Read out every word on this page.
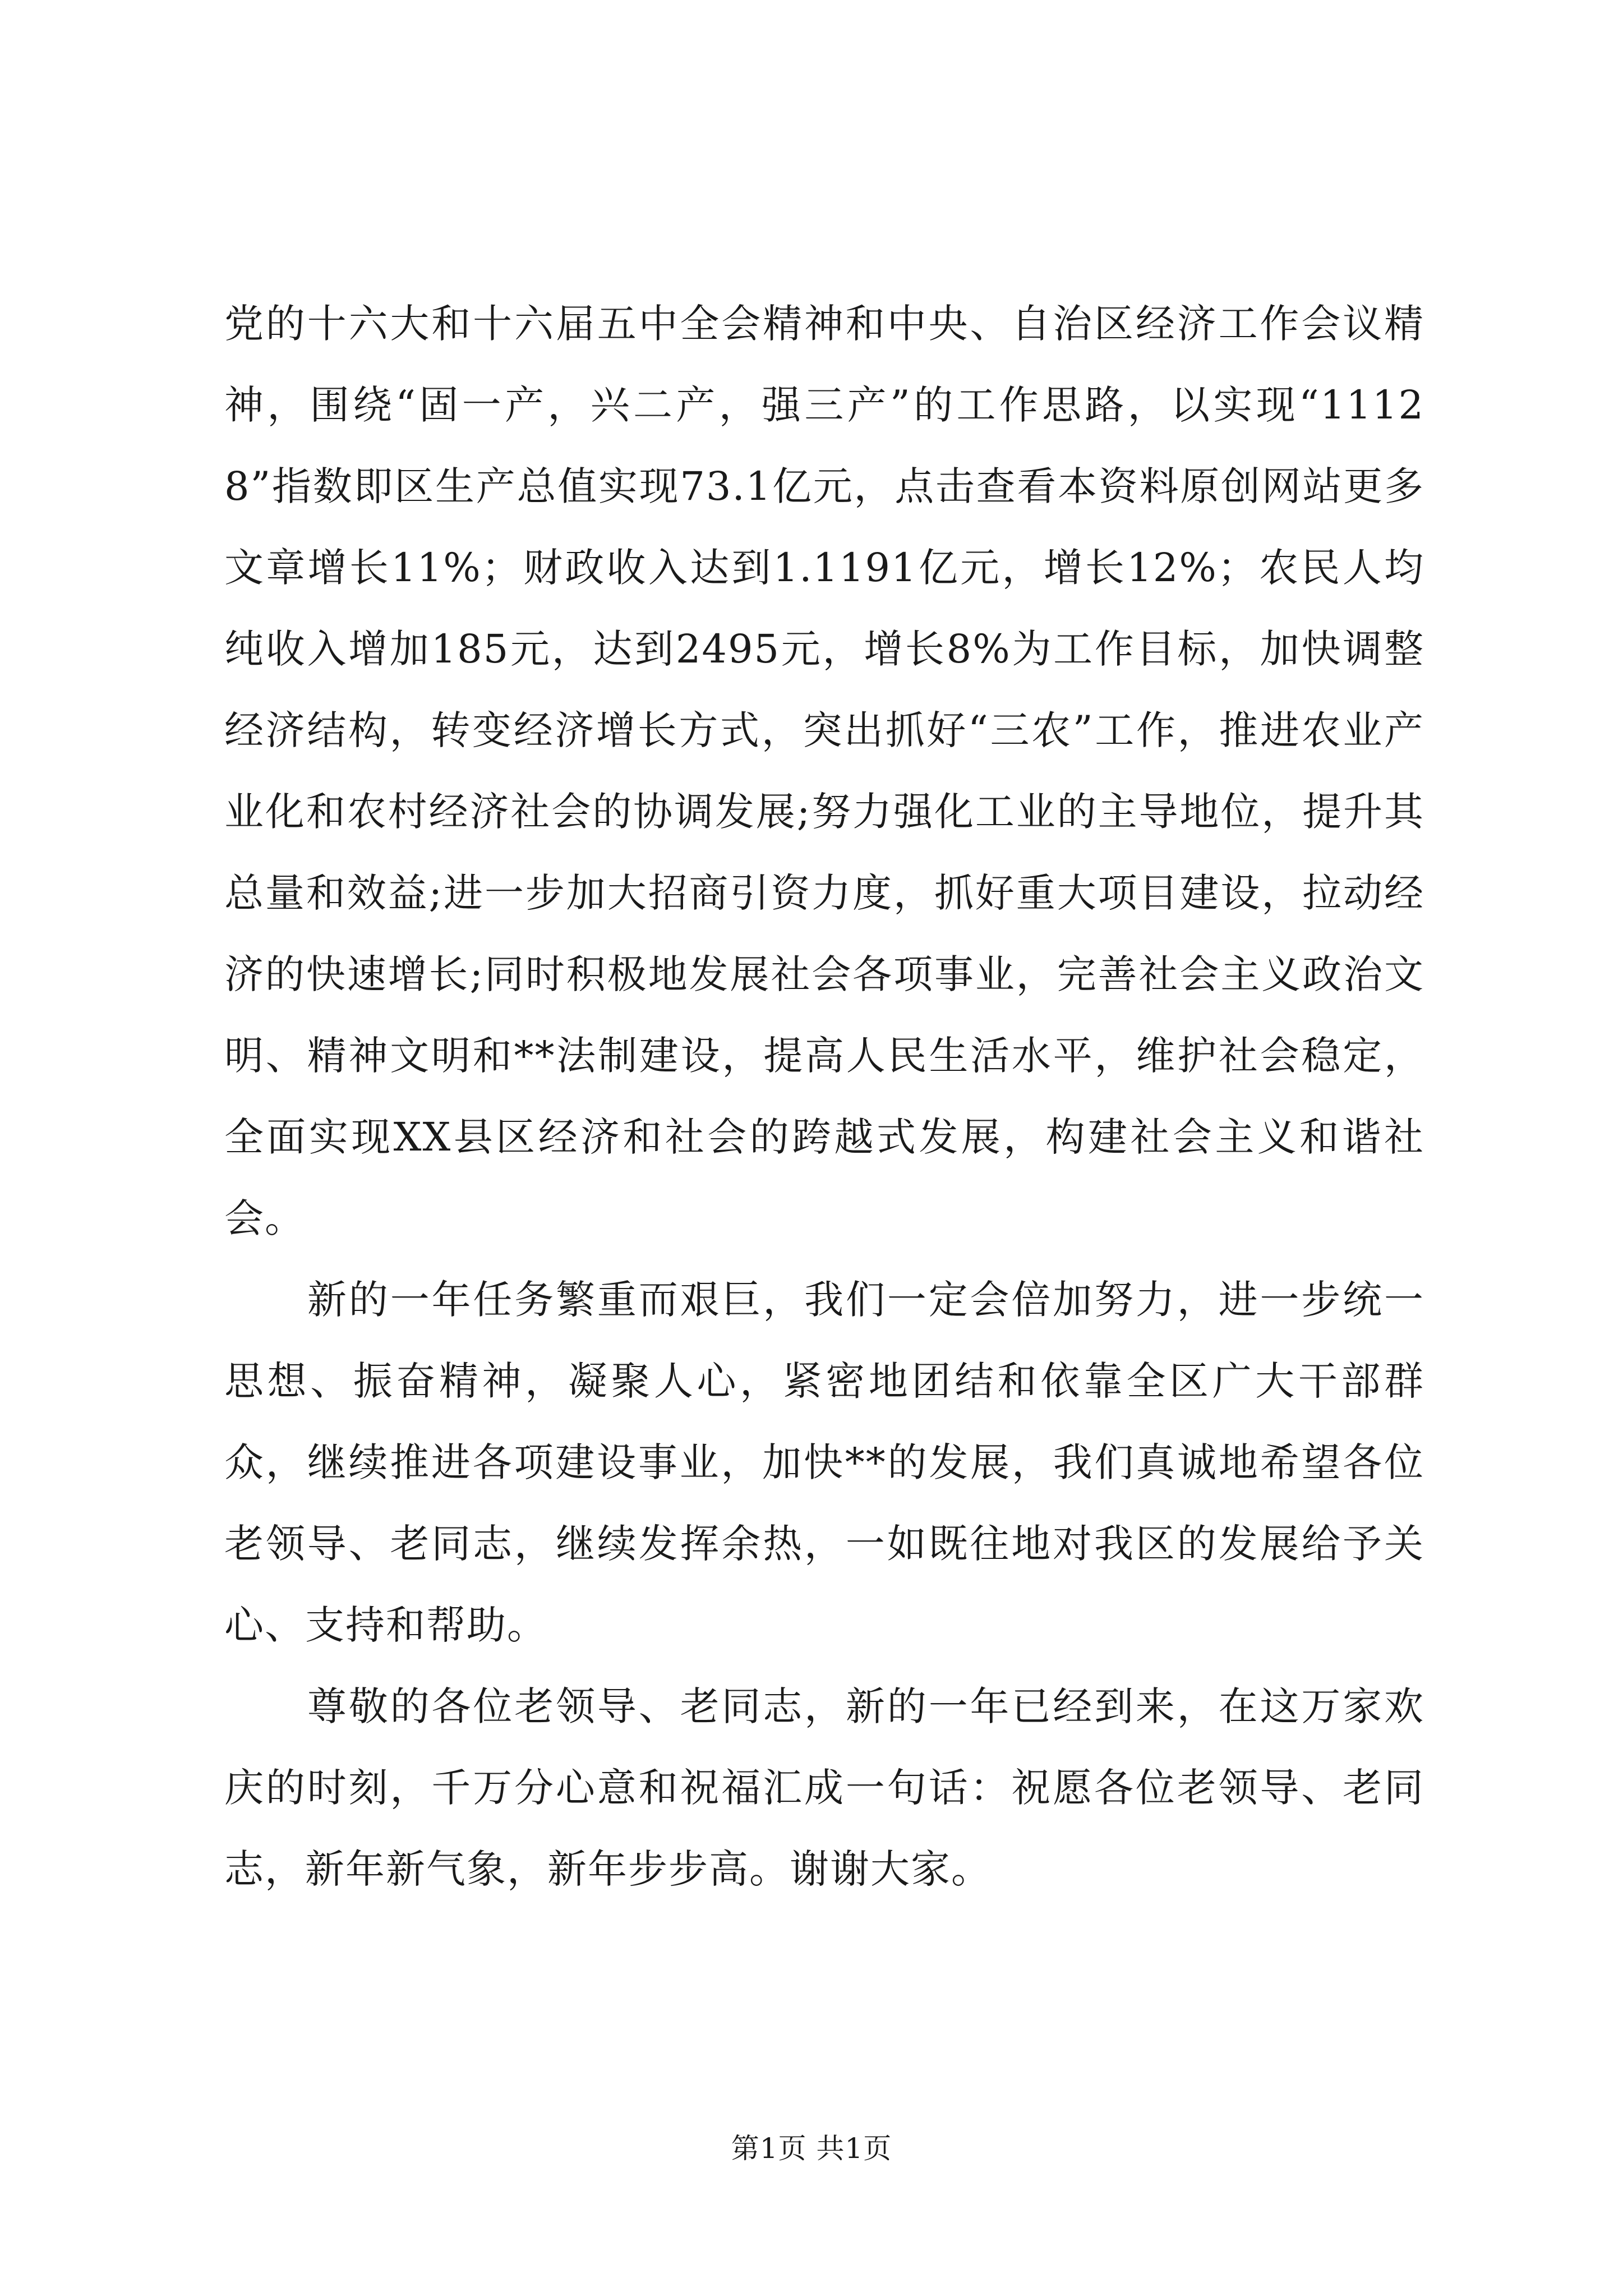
党的十六大和十六届五中全会精神和中央、自治区经济工作会议精神，围绕“固一产，兴二产，强三产”的工作思路，以实现“11128”指数即区生产总值实现73.1亿元，点击查看本资料原创网站更多文章增长11%；财政收入达到1.1191亿元，增长12%；农民人均纯收入增加185元，达到2495元，增长8%为工作目标，加快调整经济结构，转变经济增长方式，突出抓好“三农”工作，推进农业产业化和农村经济社会的协调发展;努力强化工业的主导地位，提升其总量和效益;进一步加大招商引资力度，抓好重大项目建设，拉动经济的快速增长;同时积极地发展社会各项事业，完善社会主义政治文明、精神文明和**法制建设，提高人民生活水平，维护社会稳定，全面实现XX县区经济和社会的跨越式发展，构建社会主义和谐社会。

新的一年任务繁重而艰巨，我们一定会倍加努力，进一步统一思想、振奋精神，凝聚人心，紧密地团结和依靠全区广大干部群众，继续推进各项建设事业，加快**的发展，我们真诚地希望各位老领导、老同志，继续发挥余热，一如既往地对我区的发展给予关心、支持和帮助。

尊敬的各位老领导、老同志，新的一年已经到来，在这万家欢庆的时刻，千万分心意和祝福汇成一句话：祝愿各位老领导、老同志，新年新气象，新年步步高。谢谢大家。

第1页 共1页
